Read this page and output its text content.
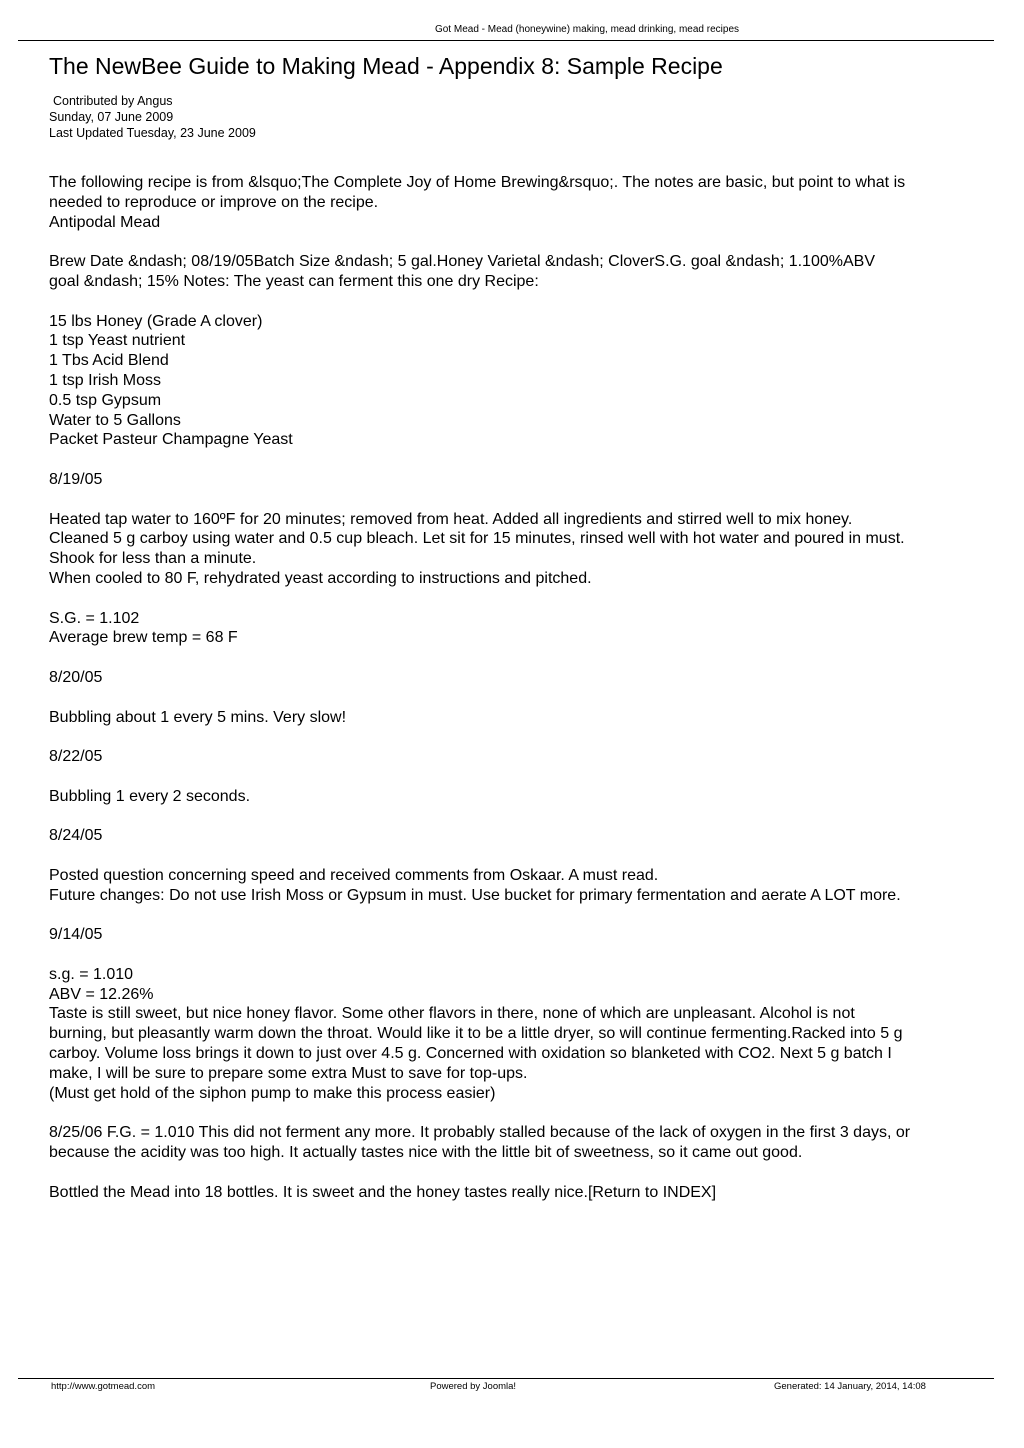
Got Mead - Mead (honeywine) making, mead drinking, mead recipes
The NewBee Guide to Making Mead - Appendix 8: Sample Recipe
Contributed by Angus
Sunday, 07 June 2009
Last Updated Tuesday, 23 June 2009
The following recipe is from &lsquo;The Complete Joy of Home Brewing&rsquo;. The notes are basic, but point to what is
needed to reproduce or improve on the recipe.
Antipodal Mead
Brew Date &ndash; 08/19/05Batch Size &ndash; 5 gal.Honey Varietal &ndash; CloverS.G. goal &ndash; 1.100%ABV
goal &ndash; 15% Notes: The yeast can ferment this one dry Recipe:
15 lbs Honey (Grade A clover)
1 tsp Yeast nutrient
1 Tbs Acid Blend
1 tsp Irish Moss
0.5 tsp Gypsum
Water to 5 Gallons
Packet Pasteur Champagne Yeast
8/19/05
Heated tap water to 160ºF for 20 minutes; removed from heat. Added all ingredients and stirred well to mix honey.
Cleaned 5 g carboy using water and 0.5 cup bleach. Let sit for 15 minutes, rinsed well with hot water and poured in must.
Shook for less than a minute.
When cooled to 80 F, rehydrated yeast according to instructions and pitched.
S.G. = 1.102
Average brew temp = 68 F
8/20/05
Bubbling about 1 every 5 mins. Very slow!
8/22/05
Bubbling 1 every 2 seconds.
8/24/05
Posted question concerning speed and received comments from Oskaar. A must read.
Future changes: Do not use Irish Moss or Gypsum in must. Use bucket for primary fermentation and aerate A LOT more.
9/14/05
s.g. = 1.010
ABV = 12.26%
Taste is still sweet, but nice honey flavor. Some other flavors in there, none of which are unpleasant. Alcohol is not
burning, but pleasantly warm down the throat. Would like it to be a little dryer, so will continue fermenting.Racked into 5 g
carboy. Volume loss brings it down to just over 4.5 g. Concerned with oxidation so blanketed with CO2. Next 5 g batch I
make, I will be sure to prepare some extra Must to save for top-ups.
(Must get hold of the siphon pump to make this process easier)
8/25/06 F.G. = 1.010 This did not ferment any more. It probably stalled because of the lack of oxygen in the first 3 days, or
because the acidity was too high. It actually tastes nice with the little bit of sweetness, so it came out good.
Bottled the Mead into 18 bottles. It is sweet and the honey tastes really nice.[Return to INDEX]
http://www.gotmead.com	Powered by Joomla!	Generated: 14 January, 2014, 14:08
